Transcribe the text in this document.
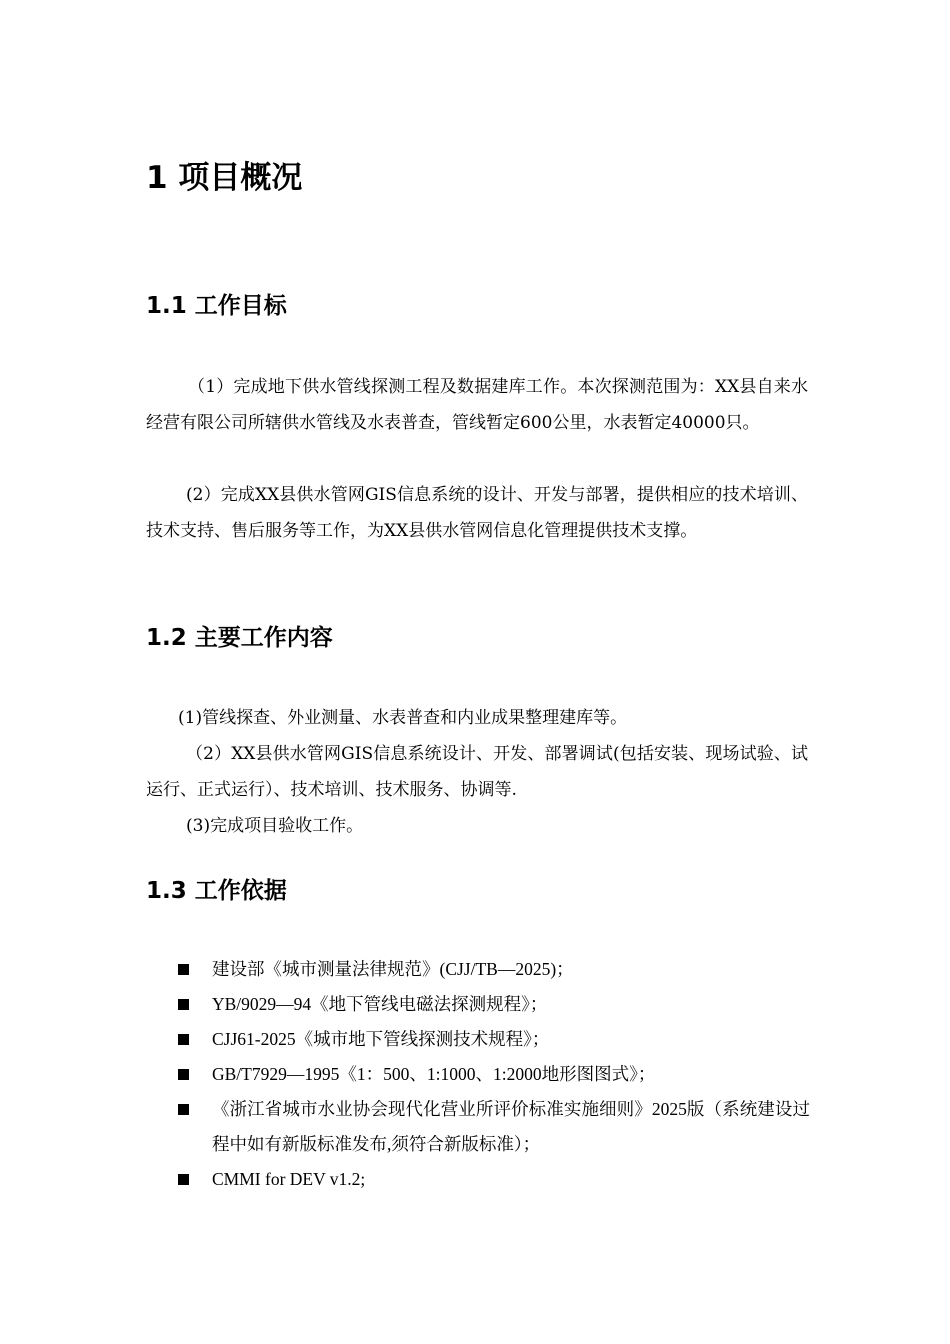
1 项目概况
1.1 工作目标
（1）完成地下供水管线探测工程及数据建库工作。本次探测范围为：XX县自来水经营有限公司所辖供水管线及水表普查，管线暂定600公里，水表暂定40000只。
(2）完成XX县供水管网GIS信息系统的设计、开发与部署，提供相应的技术培训、技术支持、售后服务等工作，为XX县供水管网信息化管理提供技术支撑。
1.2 主要工作内容
(1)管线探查、外业测量、水表普查和内业成果整理建库等。
（2）XX县供水管网GIS信息系统设计、开发、部署调试(包括安装、现场试验、试运行、正式运行）、技术培训、技术服务、协调等.
(3)完成项目验收工作。
1.3 工作依据
建设部《城市测量法律规范》(CJJ/TB—2025)；
YB/9029—94《地下管线电磁法探测规程》；
CJJ61-2025《城市地下管线探测技术规程》；
GB/T7929—1995《1：500、1:1000、1:2000地形图图式》；
《浙江省城市水业协会现代化营业所评价标准实施细则》2025版（系统建设过程中如有新版标准发布,须符合新版标准）；
CMMI for DEV v1.2;
